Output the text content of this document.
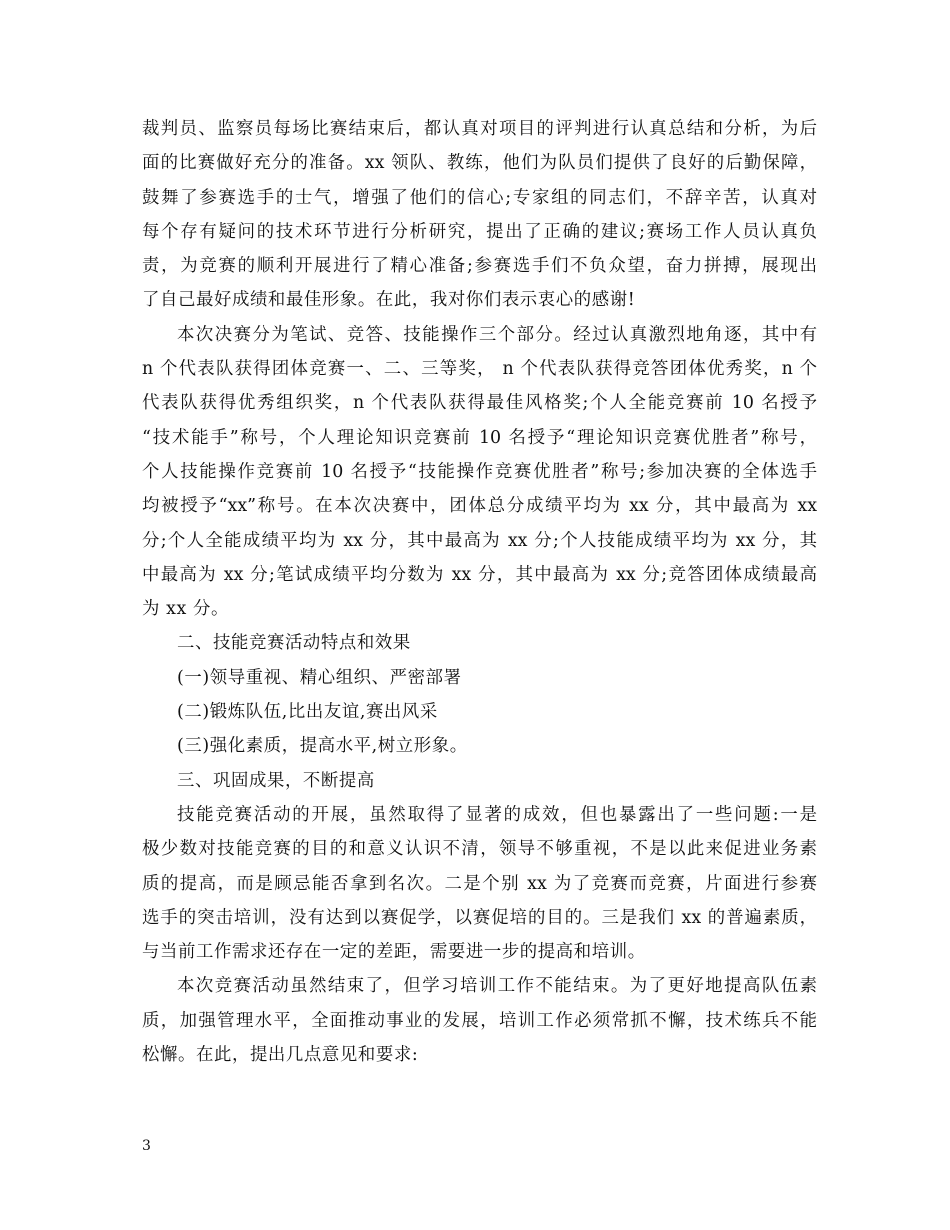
裁判员、监察员每场比赛结束后，都认真对项目的评判进行认真总结和分析，为后
面的比赛做好充分的准备。xx 领队、教练，他们为队员们提供了良好的后勤保障，
鼓舞了参赛选手的士气，增强了他们的信心;专家组的同志们，不辞辛苦，认真对
每个存有疑问的技术环节进行分析研究，提出了正确的建议;赛场工作人员认真负
责，为竞赛的顺利开展进行了精心准备;参赛选手们不负众望，奋力拼搏，展现出
了自己最好成绩和最佳形象。在此，我对你们表示衷心的感谢!
本次决赛分为笔试、竞答、技能操作三个部分。经过认真激烈地角逐，其中有
n 个代表队获得团体竞赛一、二、三等奖， n 个代表队获得竞答团体优秀奖，n 个
代表队获得优秀组织奖，n 个代表队获得最佳风格奖;个人全能竞赛前 10 名授予
“技术能手”称号，个人理论知识竞赛前 10 名授予“理论知识竞赛优胜者”称号，
个人技能操作竞赛前 10 名授予“技能操作竞赛优胜者”称号;参加决赛的全体选手
均被授予“xx”称号。在本次决赛中，团体总分成绩平均为 xx 分，其中最高为 xx
分;个人全能成绩平均为 xx 分，其中最高为 xx 分;个人技能成绩平均为 xx 分，其
中最高为 xx 分;笔试成绩平均分数为 xx 分，其中最高为 xx 分;竞答团体成绩最高
为 xx 分。
二、技能竞赛活动特点和效果
(一)领导重视、精心组织、严密部署
(二)锻炼队伍,比出友谊,赛出风采
(三)强化素质，提高水平,树立形象。
三、巩固成果，不断提高
技能竞赛活动的开展，虽然取得了显著的成效，但也暴露出了一些问题:一是
极少数对技能竞赛的目的和意义认识不清，领导不够重视，不是以此来促进业务素
质的提高，而是顾忌能否拿到名次。二是个别 xx 为了竞赛而竞赛，片面进行参赛
选手的突击培训，没有达到以赛促学，以赛促培的目的。三是我们 xx 的普遍素质，
与当前工作需求还存在一定的差距，需要进一步的提高和培训。
本次竞赛活动虽然结束了，但学习培训工作不能结束。为了更好地提高队伍素
质，加强管理水平，全面推动事业的发展，培训工作必须常抓不懈，技术练兵不能
松懈。在此，提出几点意见和要求:
3
